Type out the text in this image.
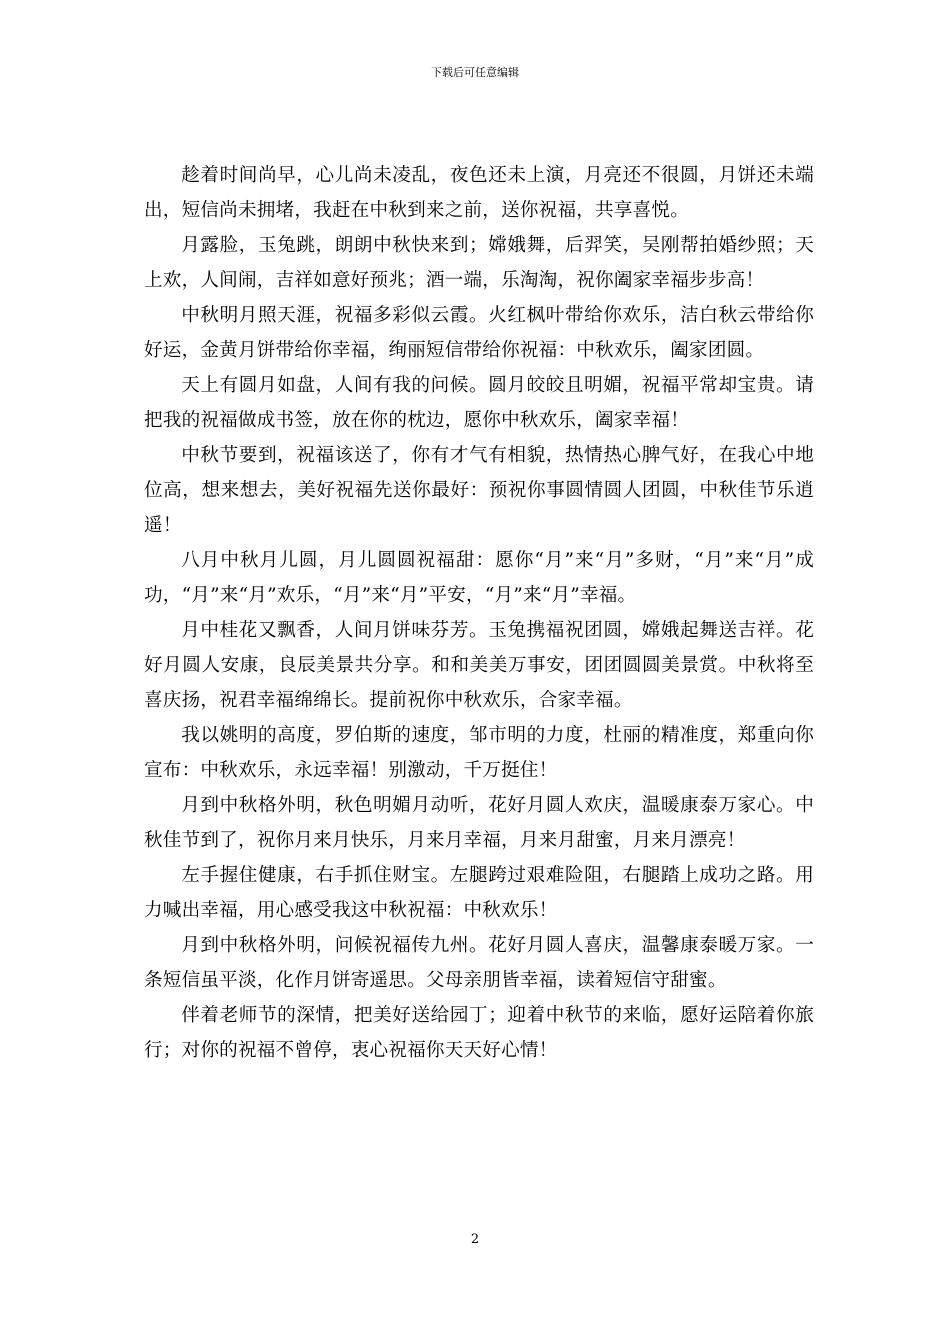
下载后可任意编辑

趁着时间尚早，心儿尚未凌乱，夜色还未上演，月亮还不很圆，月饼还未端出，短信尚未拥堵，我赶在中秋到来之前，送你祝福，共享喜悦。

月露脸，玉兔跳，朗朗中秋快来到；嫦娥舞，后羿笑，吴刚帮拍婚纱照；天上欢，人间闹，吉祥如意好预兆；酒一端，乐淘淘，祝你阖家幸福步步高！

中秋明月照天涯，祝福多彩似云霞。火红枫叶带给你欢乐，洁白秋云带给你好运，金黄月饼带给你幸福，绚丽短信带给你祝福：中秋欢乐，阖家团圆。

天上有圆月如盘，人间有我的问候。圆月皎皎且明媚，祝福平常却宝贵。请把我的祝福做成书签，放在你的枕边，愿你中秋欢乐，阖家幸福！

中秋节要到，祝福该送了，你有才气有相貌，热情热心脾气好，在我心中地位高，想来想去，美好祝福先送你最好：预祝你事圆情圆人团圆，中秋佳节乐逍遥！

八月中秋月儿圆，月儿圆圆祝福甜：愿你“月”来“月”多财，“月”来“月”成功，“月”来“月”欢乐，“月”来“月”平安，“月”来“月”幸福。

月中桂花又飘香，人间月饼味芬芳。玉兔携福祝团圆，嫦娥起舞送吉祥。花好月圆人安康，良辰美景共分享。和和美美万事安，团团圆圆美景赏。中秋将至喜庆扬，祝君幸福绵绵长。提前祝你中秋欢乐，合家幸福。

我以姚明的高度，罗伯斯的速度，邹市明的力度，杜丽的精准度，郑重向你宣布：中秋欢乐，永远幸福！别激动，千万挺住！

月到中秋格外明，秋色明媚月动听，花好月圆人欢庆，温暖康泰万家心。中秋佳节到了，祝你月来月快乐，月来月幸福，月来月甜蜜，月来月漂亮！

左手握住健康，右手抓住财宝。左腿跨过艰难险阻，右腿踏上成功之路。用力喊出幸福，用心感受我这中秋祝福：中秋欢乐！

月到中秋格外明，问候祝福传九州。花好月圆人喜庆，温馨康泰暖万家。一条短信虽平淡，化作月饼寄遥思。父母亲朋皆幸福，读着短信守甜蜜。

伴着老师节的深情，把美好送给园丁；迎着中秋节的来临，愿好运陪着你旅行；对你的祝福不曾停，衷心祝福你天天好心情！

2
